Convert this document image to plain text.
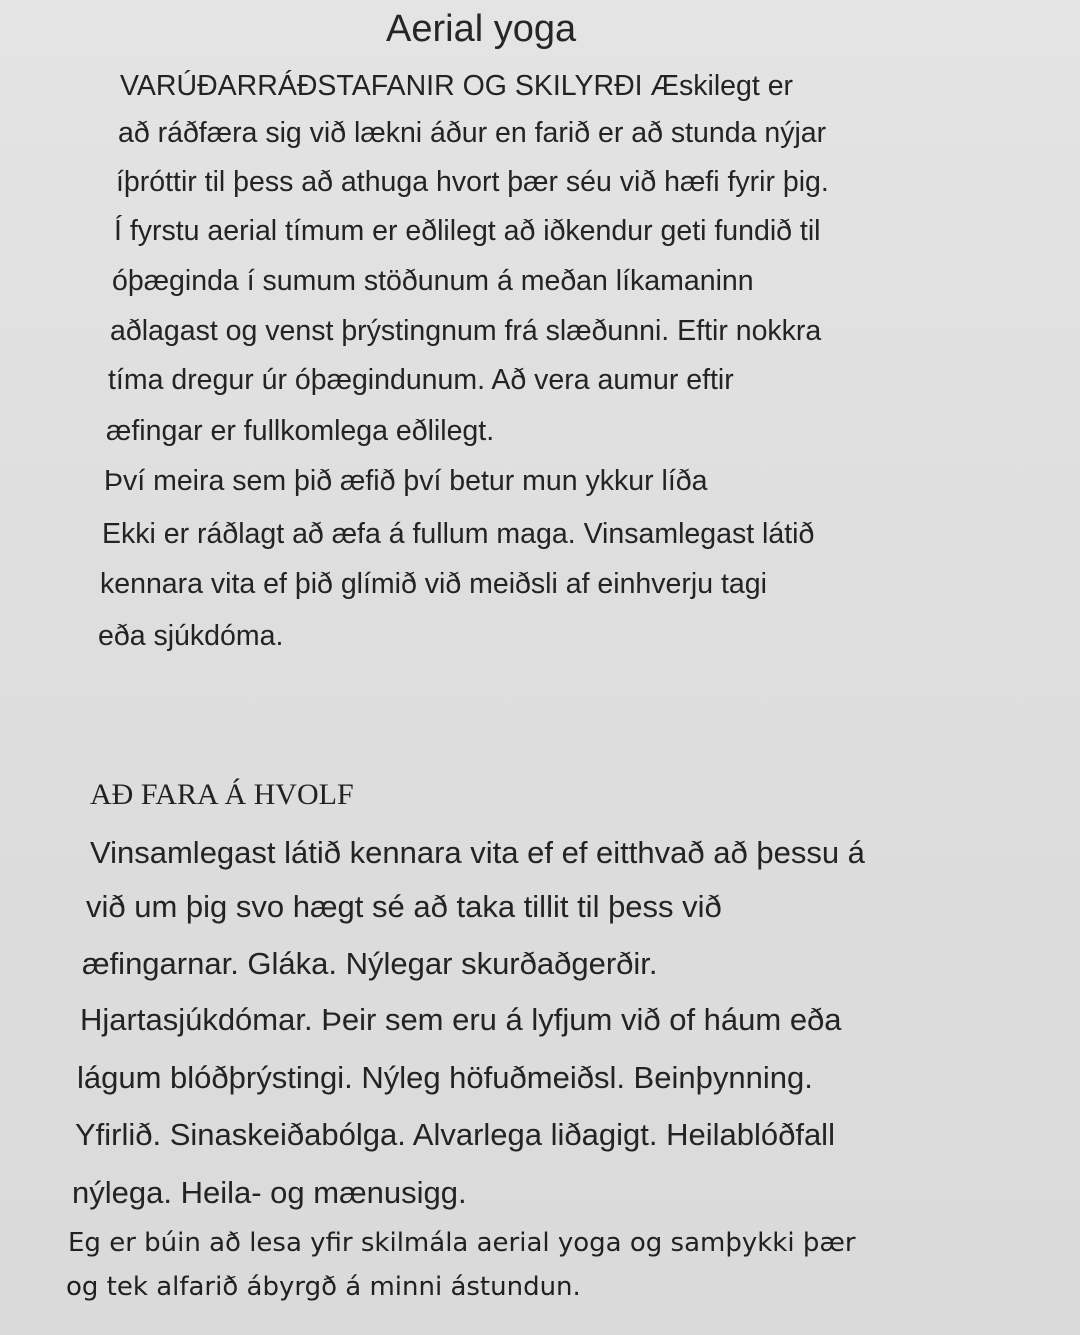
Aerial yoga
VARÚÐARRÁÐSTAFANIR OG SKILYRÐI Æskilegt er
að ráðfæra sig við lækni áður en farið er að stunda nýjar
íþróttir til þess að athuga hvort þær séu við hæfi fyrir þig.
Í fyrstu aerial tímum er eðlilegt að iðkendur geti fundið til
óþæginda í sumum stöðunum á meðan líkamaninn
aðlagast og venst þrýstingnum frá slæðunni. Eftir nokkra
tíma dregur úr óþægindunum. Að vera aumur eftir
æfingar er fullkomlega eðlilegt.
Því meira sem þið æfið því betur mun ykkur líða
Ekki er ráðlagt að æfa á fullum maga. Vinsamlegast látið
kennara vita ef þið glímið við meiðsli af einhverju tagi
eða sjúkdóma.
AÐ FARA Á HVOLF
Vinsamlegast látið kennara vita ef ef eitthvað að þessu á
við um þig svo hægt sé að taka tillit til þess við
æfingarnar. Gláka. Nýlegar skurðaðgerðir.
Hjartasjúkdómar. Þeir sem eru á lyfjum við of háum eða
lágum blóðþrýstingi. Nýleg höfuðmeiðsl. Beinþynning.
Yfirlið. Sinaskeiðabólga. Alvarlega liðagigt. Heilablóðfall
nýlega. Heila- og mænusigg.
Eg er búin að lesa yfir skilmála aerial yoga og samþykki þær
og tek alfarið ábyrgð á minni ástundun.
